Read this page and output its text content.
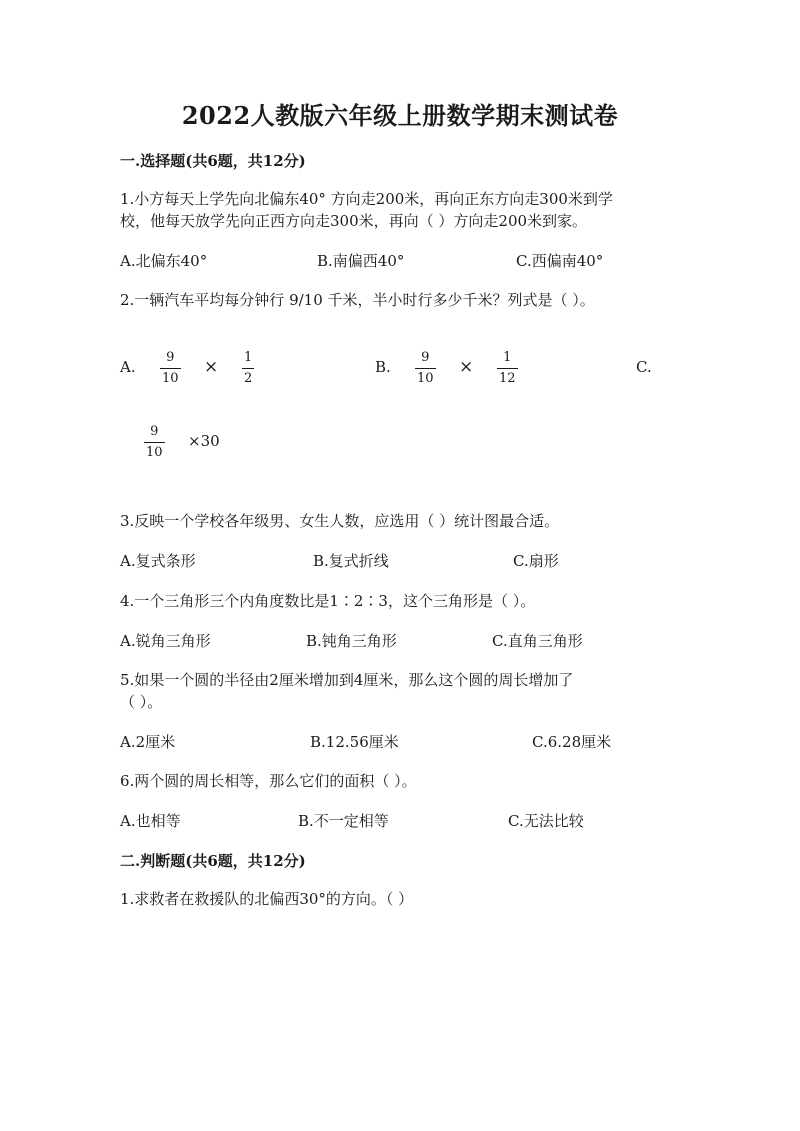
2022人教版六年级上册数学期末测试卷
一.选择题(共6题，共12分)
1.小方每天上学先向北偏东40° 方向走200米，再向正东方向走300米到学
校，他每天放学先向正西方向走300米，再向（ ）方向走200米到家。
A.北偏东40°	B.南偏西40°	C.西偏南40°
2.一辆汽车平均每分钟行 9/10 千米，半小时行多少千米？列式是（ ）。
A.
9
10
× 1
2
B.
9
10
× 1
12
C.
9
10
×30
3.反映一个学校各年级男、女生人数，应选用（ ）统计图最合适。
A.复式条形	B.复式折线	C.扇形
4.一个三角形三个内角度数比是1∶2∶3，这个三角形是（ ）。
A.锐角三角形	B.钝角三角形	C.直角三角形
5.如果一个圆的半径由2厘米增加到4厘米，那么这个圆的周长增加了
（ ）。
A.2厘米	B.12.56厘米	C.6.28厘米
6.两个圆的周长相等，那么它们的面积（ ）。
A.也相等	B.不一定相等	C.无法比较
二.判断题(共6题，共12分)
1.求救者在救援队的北偏西30°的方向。（ ）
